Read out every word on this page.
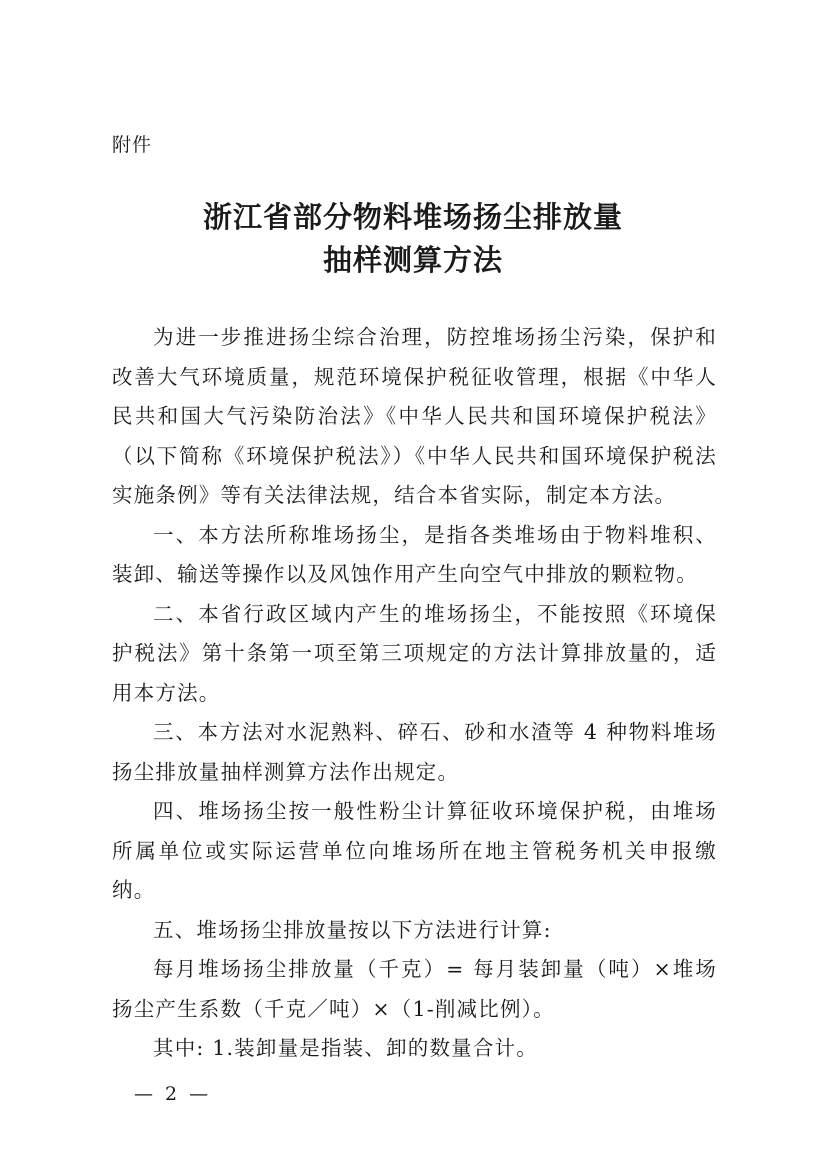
附件
浙江省部分物料堆场扬尘排放量
抽样测算方法

为进一步推进扬尘综合治理，防控堆场扬尘污染，保护和改善大气环境质量，规范环境保护税征收管理，根据《中华人民共和国大气污染防治法》《中华人民共和国环境保护税法》（以下简称《环境保护税法》）《中华人民共和国环境保护税法实施条例》等有关法律法规，结合本省实际，制定本方法。

一、本方法所称堆场扬尘，是指各类堆场由于物料堆积、装卸、输送等操作以及风蚀作用产生向空气中排放的颗粒物。

二、本省行政区域内产生的堆场扬尘，不能按照《环境保护税法》第十条第一项至第三项规定的方法计算排放量的，适用本方法。

三、本方法对水泥熟料、碎石、砂和水渣等 4 种物料堆场扬尘排放量抽样测算方法作出规定。

四、堆场扬尘按一般性粉尘计算征收环境保护税，由堆场所属单位或实际运营单位向堆场所在地主管税务机关申报缴纳。

五、堆场扬尘排放量按以下方法进行计算:

每月堆场扬尘排放量（千克）= 每月装卸量（吨）×堆场扬尘产生系数（千克／吨）×（1-削减比例）。

其中: 1.装卸量是指装、卸的数量合计。

— 2 —
